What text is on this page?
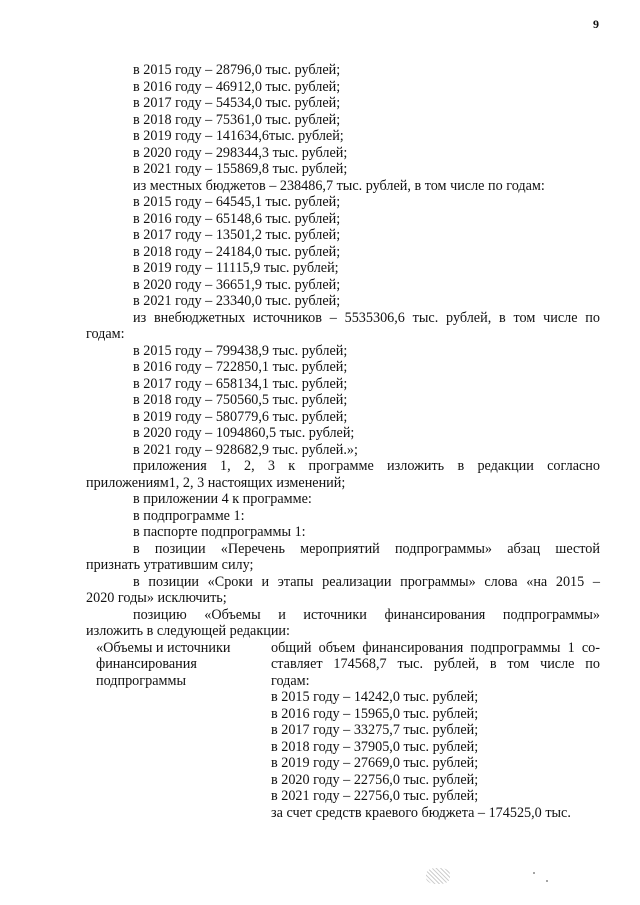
9
в 2015 году – 28796,0 тыс. рублей;
в 2016 году – 46912,0 тыс. рублей;
в 2017 году – 54534,0 тыс. рублей;
в 2018 году – 75361,0 тыс. рублей;
в 2019 году – 141634,6тыс. рублей;
в 2020 году – 298344,3 тыс. рублей;
в 2021 году – 155869,8 тыс. рублей;
из местных бюджетов – 238486,7 тыс. рублей, в том числе по годам:
в 2015 году – 64545,1 тыс. рублей;
в 2016 году – 65148,6 тыс. рублей;
в 2017 году – 13501,2 тыс. рублей;
в 2018 году – 24184,0 тыс. рублей;
в 2019 году – 11115,9 тыс. рублей;
в 2020 году – 36651,9 тыс. рублей;
в 2021 году – 23340,0 тыс. рублей;
из внебюджетных источников – 5535306,6 тыс. рублей, в том числе по
годам:
в 2015 году – 799438,9 тыс. рублей;
в 2016 году – 722850,1 тыс. рублей;
в 2017 году – 658134,1 тыс. рублей;
в 2018 году – 750560,5 тыс. рублей;
в 2019 году – 580779,6 тыс. рублей;
в 2020 году – 1094860,5 тыс. рублей;
в 2021 году – 928682,9 тыс. рублей.»;
приложения 1, 2, 3 к программе изложить в редакции согласно
приложениям1, 2, 3 настоящих изменений;
в приложении 4 к программе:
в подпрограмме 1:
в паспорте подпрограммы 1:
в позиции «Перечень мероприятий подпрограммы» абзац шестой
признать утратившим силу;
в позиции «Сроки и этапы реализации программы» слова «на 2015 –
2020 годы» исключить;
позицию «Объемы и источники финансирования подпрограммы»
изложить в следующей редакции:
«Объемы и источники
финансирования
подпрограммы
общий объем финансирования подпрограммы 1 со-
ставляет 174568,7 тыс. рублей, в том числе по
годам:
в 2015 году – 14242,0 тыс. рублей;
в 2016 году – 15965,0 тыс. рублей;
в 2017 году – 33275,7 тыс. рублей;
в 2018 году – 37905,0 тыс. рублей;
в 2019 году – 27669,0 тыс. рублей;
в 2020 году – 22756,0 тыс. рублей;
в 2021 году – 22756,0 тыс. рублей;
за счет средств краевого бюджета – 174525,0 тыс.
